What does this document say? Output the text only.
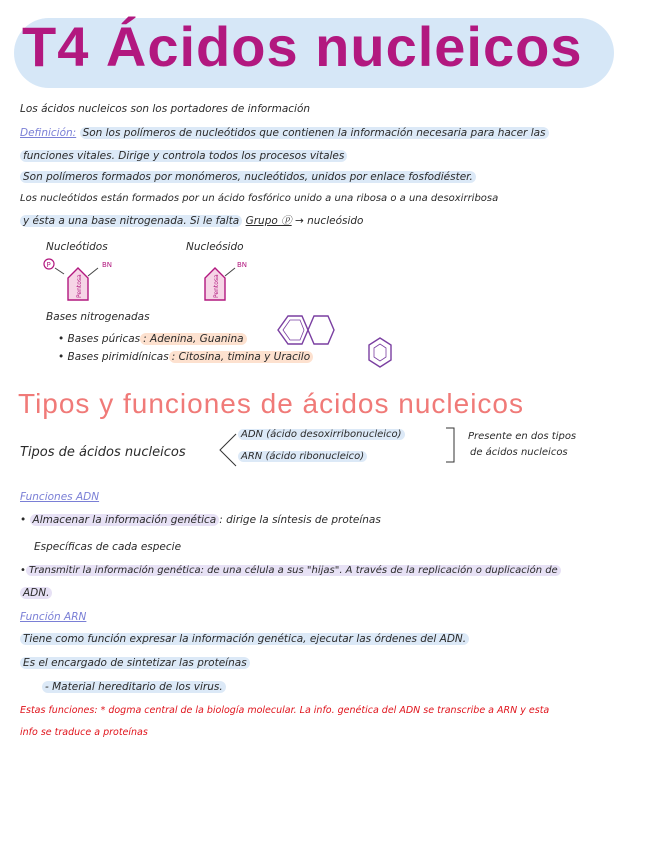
T4 Ácidos nucleicos
Los ácidos nucleicos son los portadores de información
Definición: Son los polímeros de nucleótidos que contienen la información necesaria para hacer las
funciones vitales. Dirige y controla todos los procesos vitales
Son polímeros formados por monómeros, nucleótidos, unidos por enlace fosfodiéster.
Los nucleótidos están formados por un ácido fosfórico unido a una ribosa o a una desoxirribosa
y ésta a una base nitrogenada. Si le falta Grupo ⓟ → nucleósido
Nucleótidos	Nucleósido
P
Pentosa
BN
Pentosa
BN
Bases nitrogenadas
• Bases púricas : Adenina, Guanina
• Bases pirimidínicas : Citosina, timina y Uracilo
Tipos y funciones de ácidos nucleicos
Tipos de ácidos nucleicos
ADN (ácido desoxirribonucleico)
ARN (ácido ribonucleico)
Presente en dos tipos
de ácidos nucleicos
Funciones ADN
• Almacenar la información genética : dirige la síntesis de proteínas
Específicas de cada especie
• Transmitir la información genética: de una célula a sus "hijas". A través de la replicación o duplicación de
ADN.
Función ARN
Tiene como función expresar la información genética, ejecutar las órdenes del ADN.
Es el encargado de sintetizar las proteínas
- Material hereditario de los virus.
Estas funciones: * dogma central de la biología molecular. La info. genética del ADN se transcribe a ARN y esta
info se traduce a proteínas
